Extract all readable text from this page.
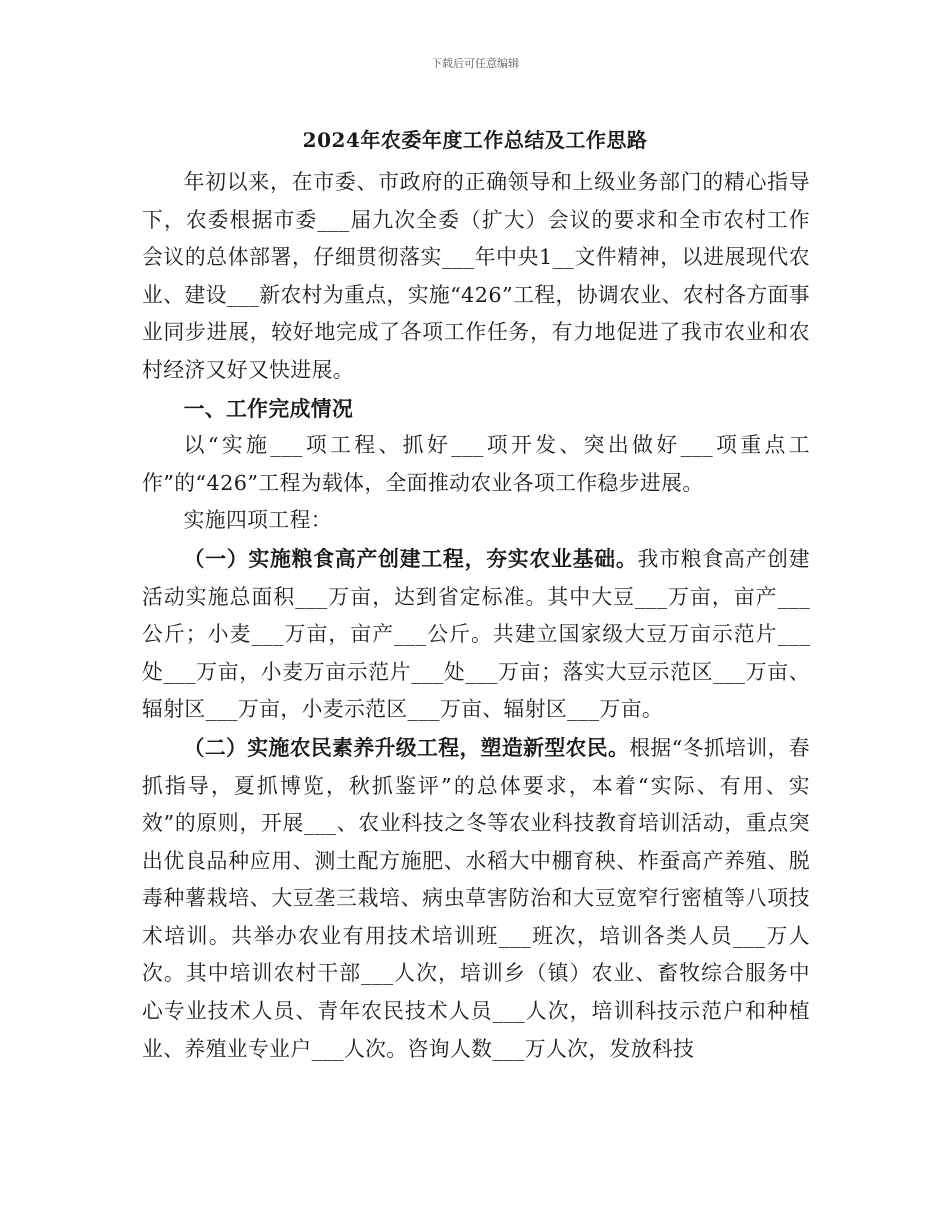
下载后可任意编辑
2024年农委年度工作总结及工作思路

年初以来，在市委、市政府的正确领导和上级业务部门的精心指导下，农委根据市委___届九次全委（扩大）会议的要求和全市农村工作会议的总体部署，仔细贯彻落实___年中央1__文件精神，以进展现代农业、建设___新农村为重点，实施“426”工程，协调农业、农村各方面事业同步进展，较好地完成了各项工作任务，有力地促进了我市农业和农村经济又好又快进展。

一、工作完成情况

以“实施___项工程、抓好___项开发、突出做好___项重点工作”的“426”工程为载体，全面推动农业各项工作稳步进展。

实施四项工程：

（一）实施粮食高产创建工程，夯实农业基础。我市粮食高产创建活动实施总面积___万亩，达到省定标准。其中大豆___万亩，亩产___公斤；小麦___万亩，亩产___公斤。共建立国家级大豆万亩示范片___处___万亩，小麦万亩示范片___处___万亩；落实大豆示范区___万亩、辐射区___万亩，小麦示范区___万亩、辐射区___万亩。

（二）实施农民素养升级工程，塑造新型农民。根据“冬抓培训，春抓指导，夏抓博览，秋抓鉴评”的总体要求，本着“实际、有用、实效”的原则，开展___、农业科技之冬等农业科技教育培训活动，重点突出优良品种应用、测土配方施肥、水稻大中棚育秧、柞蚕高产养殖、脱毒种薯栽培、大豆垄三栽培、病虫草害防治和大豆宽窄行密植等八项技术培训。共举办农业有用技术培训班___班次，培训各类人员___万人次。其中培训农村干部___人次，培训乡（镇）农业、畜牧综合服务中心专业技术人员、青年农民技术人员___人次，培训科技示范户和种植业、养殖业专业户___人次。咨询人数___万人次，发放科技
